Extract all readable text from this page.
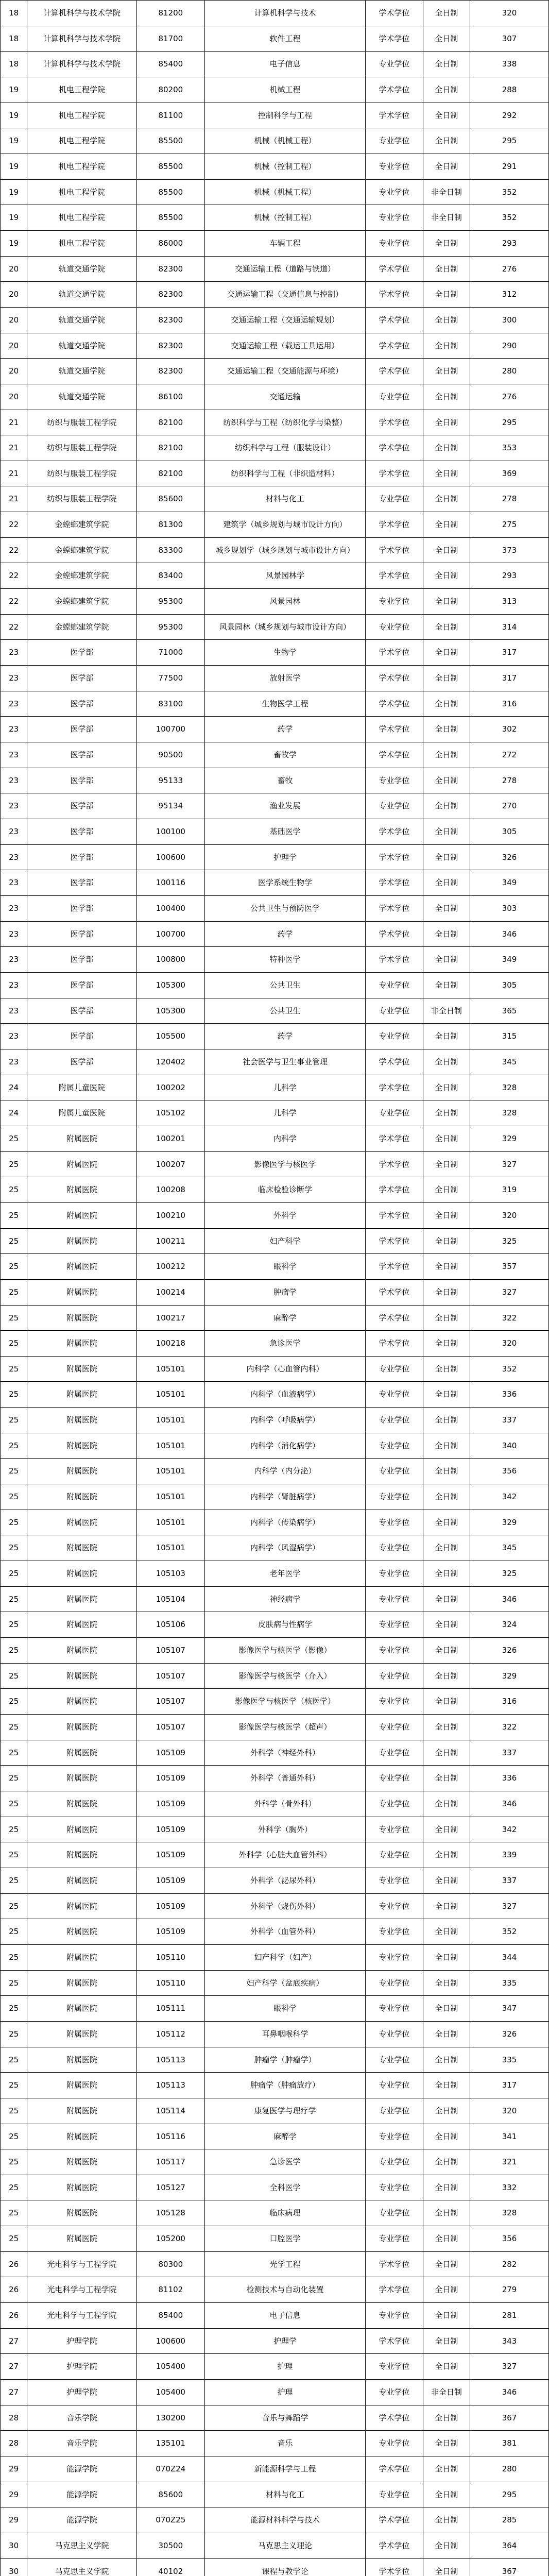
18	计算机科学与技术学院	81200	计算机科学与技术	学术学位	全日制	320
18	计算机科学与技术学院	81700	软件工程	学术学位	全日制	307
18	计算机科学与技术学院	85400	电子信息	专业学位	全日制	338
19	机电工程学院	80200	机械工程	学术学位	全日制	288
19	机电工程学院	81100	控制科学与工程	学术学位	全日制	292
19	机电工程学院	85500	机械（机械工程）	专业学位	全日制	295
19	机电工程学院	85500	机械（控制工程）	专业学位	全日制	291
19	机电工程学院	85500	机械（机械工程）	专业学位	非全日制	352
19	机电工程学院	85500	机械（控制工程）	专业学位	非全日制	352
19	机电工程学院	86000	车辆工程	专业学位	全日制	293
20	轨道交通学院	82300	交通运输工程（道路与铁道）	学术学位	全日制	276
20	轨道交通学院	82300	交通运输工程（交通信息与控制）	学术学位	全日制	312
20	轨道交通学院	82300	交通运输工程（交通运输规划）	学术学位	全日制	300
20	轨道交通学院	82300	交通运输工程（载运工具运用）	学术学位	全日制	290
20	轨道交通学院	82300	交通运输工程（交通能源与环境）	学术学位	全日制	280
20	轨道交通学院	86100	交通运输	专业学位	全日制	276
21	纺织与服装工程学院	82100	纺织科学与工程（纺织化学与染整）	学术学位	全日制	295
21	纺织与服装工程学院	82100	纺织科学与工程（服装设计）	学术学位	全日制	353
21	纺织与服装工程学院	82100	纺织科学与工程（非织造材料）	学术学位	全日制	369
21	纺织与服装工程学院	85600	材料与化工	专业学位	全日制	278
22	金螳螂建筑学院	81300	建筑学（城乡规划与城市设计方向）	学术学位	全日制	275
22	金螳螂建筑学院	83300	城乡规划学（城乡规划与城市设计方向）	学术学位	全日制	373
22	金螳螂建筑学院	83400	风景园林学	学术学位	全日制	293
22	金螳螂建筑学院	95300	风景园林	专业学位	全日制	313
22	金螳螂建筑学院	95300	风景园林（城乡规划与城市设计方向）	专业学位	全日制	314
23	医学部	71000	生物学	学术学位	全日制	317
23	医学部	77500	放射医学	学术学位	全日制	317
23	医学部	83100	生物医学工程	学术学位	全日制	316
23	医学部	100700	药学	学术学位	全日制	302
23	医学部	90500	畜牧学	学术学位	全日制	272
23	医学部	95133	畜牧	专业学位	全日制	278
23	医学部	95134	渔业发展	专业学位	全日制	270
23	医学部	100100	基础医学	学术学位	全日制	305
23	医学部	100600	护理学	学术学位	全日制	326
23	医学部	100116	医学系统生物学	学术学位	全日制	349
23	医学部	100400	公共卫生与预防医学	学术学位	全日制	303
23	医学部	100700	药学	学术学位	全日制	346
23	医学部	100800	特种医学	学术学位	全日制	349
23	医学部	105300	公共卫生	专业学位	全日制	305
23	医学部	105300	公共卫生	专业学位	非全日制	365
23	医学部	105500	药学	专业学位	全日制	315
23	医学部	120402	社会医学与卫生事业管理	学术学位	全日制	345
24	附属儿童医院	100202	儿科学	学术学位	全日制	328
24	附属儿童医院	105102	儿科学	专业学位	全日制	328
25	附属医院	100201	内科学	学术学位	全日制	329
25	附属医院	100207	影像医学与核医学	学术学位	全日制	327
25	附属医院	100208	临床检验诊断学	学术学位	全日制	319
25	附属医院	100210	外科学	学术学位	全日制	320
25	附属医院	100211	妇产科学	学术学位	全日制	325
25	附属医院	100212	眼科学	学术学位	全日制	357
25	附属医院	100214	肿瘤学	学术学位	全日制	327
25	附属医院	100217	麻醉学	学术学位	全日制	322
25	附属医院	100218	急诊医学	学术学位	全日制	320
25	附属医院	105101	内科学（心血管内科）	专业学位	全日制	352
25	附属医院	105101	内科学（血液病学）	专业学位	全日制	336
25	附属医院	105101	内科学（呼吸病学）	专业学位	全日制	337
25	附属医院	105101	内科学（消化病学）	专业学位	全日制	340
25	附属医院	105101	内科学（内分泌）	专业学位	全日制	356
25	附属医院	105101	内科学（肾脏病学）	专业学位	全日制	342
25	附属医院	105101	内科学（传染病学）	专业学位	全日制	329
25	附属医院	105101	内科学（风湿病学）	专业学位	全日制	345
25	附属医院	105103	老年医学	专业学位	全日制	325
25	附属医院	105104	神经病学	专业学位	全日制	346
25	附属医院	105106	皮肤病与性病学	专业学位	全日制	324
25	附属医院	105107	影像医学与核医学（影像）	专业学位	全日制	326
25	附属医院	105107	影像医学与核医学（介入）	专业学位	全日制	329
25	附属医院	105107	影像医学与核医学（核医学）	专业学位	全日制	316
25	附属医院	105107	影像医学与核医学（超声）	专业学位	全日制	322
25	附属医院	105109	外科学（神经外科）	专业学位	全日制	337
25	附属医院	105109	外科学（普通外科）	专业学位	全日制	336
25	附属医院	105109	外科学（骨外科）	专业学位	全日制	346
25	附属医院	105109	外科学（胸外）	专业学位	全日制	342
25	附属医院	105109	外科学（心脏大血管外科）	专业学位	全日制	339
25	附属医院	105109	外科学（泌尿外科）	专业学位	全日制	337
25	附属医院	105109	外科学（烧伤外科）	专业学位	全日制	327
25	附属医院	105109	外科学（血管外科）	专业学位	全日制	352
25	附属医院	105110	妇产科学（妇产）	专业学位	全日制	344
25	附属医院	105110	妇产科学（盆底疾病）	专业学位	全日制	335
25	附属医院	105111	眼科学	专业学位	全日制	347
25	附属医院	105112	耳鼻咽喉科学	专业学位	全日制	326
25	附属医院	105113	肿瘤学（肿瘤学）	专业学位	全日制	335
25	附属医院	105113	肿瘤学（肿瘤放疗）	专业学位	全日制	317
25	附属医院	105114	康复医学与理疗学	专业学位	全日制	320
25	附属医院	105116	麻醉学	专业学位	全日制	341
25	附属医院	105117	急诊医学	专业学位	全日制	321
25	附属医院	105127	全科医学	专业学位	全日制	332
25	附属医院	105128	临床病理	专业学位	全日制	328
25	附属医院	105200	口腔医学	专业学位	全日制	356
26	光电科学与工程学院	80300	光学工程	学术学位	全日制	282
26	光电科学与工程学院	81102	检测技术与自动化装置	学术学位	全日制	279
26	光电科学与工程学院	85400	电子信息	专业学位	全日制	281
27	护理学院	100600	护理学	学术学位	全日制	343
27	护理学院	105400	护理	专业学位	全日制	327
27	护理学院	105400	护理	专业学位	非全日制	346
28	音乐学院	130200	音乐与舞蹈学	学术学位	全日制	367
28	音乐学院	135101	音乐	专业学位	全日制	381
29	能源学院	070Z24	新能源科学与工程	学术学位	全日制	280
29	能源学院	85600	材料与化工	专业学位	全日制	295
29	能源学院	070Z25	能源材料科学与技术	学术学位	全日制	285
30	马克思主义学院	30500	马克思主义理论	学术学位	全日制	364
30	马克思主义学院	40102	课程与教学论	学术学位	全日制	367
